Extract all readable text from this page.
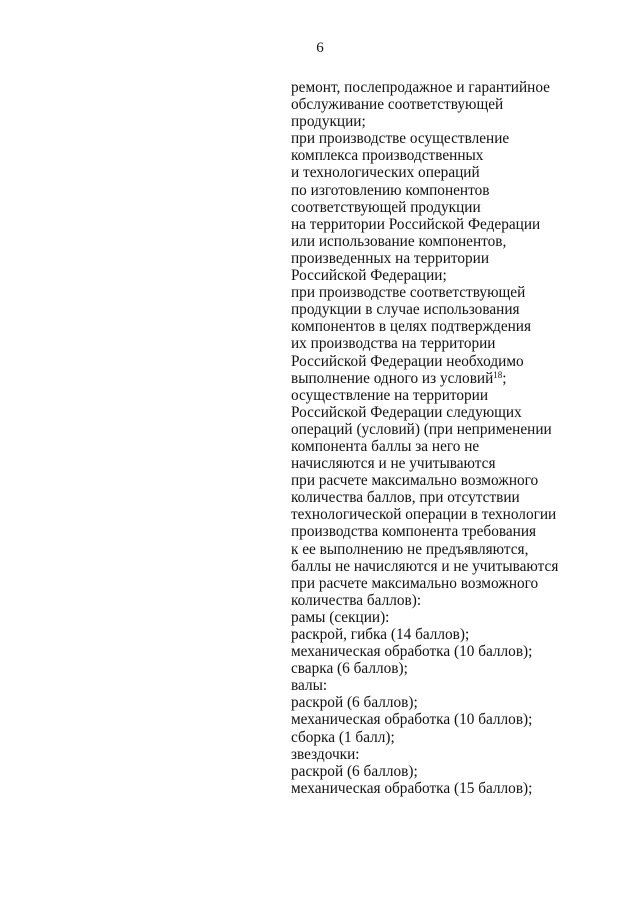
6
ремонт, послепродажное и гарантийное
обслуживание соответствующей
продукции;
при производстве осуществление
комплекса производственных
и технологических операций
по изготовлению компонентов
соответствующей продукции
на территории Российской Федерации
или использование компонентов,
произведенных на территории
Российской Федерации;
при производстве соответствующей
продукции в случае использования
компонентов в целях подтверждения
их производства на территории
Российской Федерации необходимо
выполнение одного из условий$^{18}$;
осуществление на территории
Российской Федерации следующих
операций (условий) (при неприменении
компонента баллы за него не
начисляются и не учитываются
при расчете максимально возможного
количества баллов, при отсутствии
технологической операции в технологии
производства компонента требования
к ее выполнению не предъявляются,
баллы не начисляются и не учитываются
при расчете максимально возможного
количества баллов):
рамы (секции):
раскрой, гибка (14 баллов);
механическая обработка (10 баллов);
сварка (6 баллов);
валы:
раскрой (6 баллов);
механическая обработка (10 баллов);
сборка (1 балл);
звездочки:
раскрой (6 баллов);
механическая обработка (15 баллов);
